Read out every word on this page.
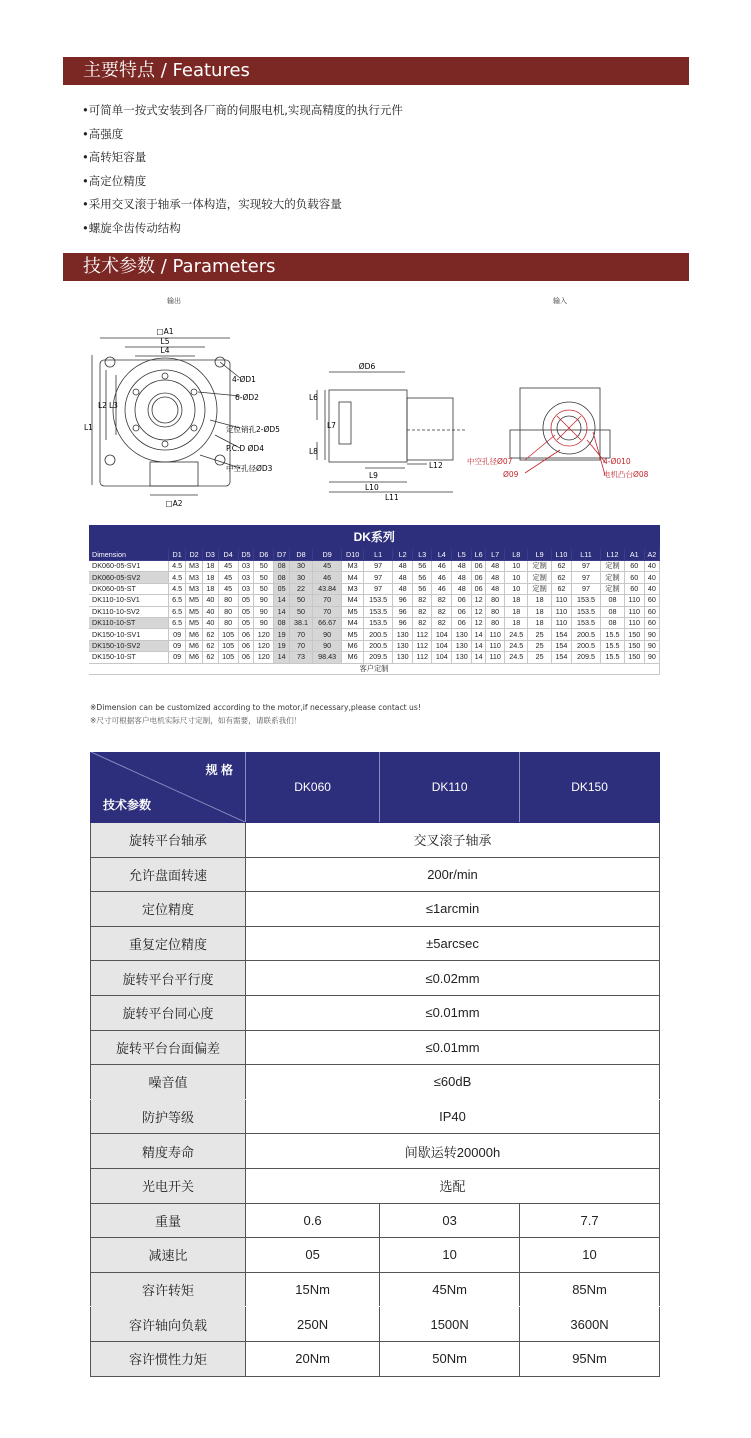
主要特点 / Features
•可简单一按式安装到各厂商的伺服电机,实现高精度的执行元件
•高强度
•高转矩容量
•高定位精度
•采用交叉滚于轴承一体构造，实现较大的负载容量
•螺旋伞齿传动结构
技术参数 / Parameters
输出	输入
□A1
L5
L4
L1
L2 L3
□A2
4-ØD1
6-ØD2
定位销孔2-ØD5
P.C.D ØD4
中空孔径ØD3
ØD6
L6
L7
L8
L9
L10
L11
L12	中空孔径Ø07
Ø09
4-Ø010
电机凸台Ø08
DK系列																								
Dimension	D1	D2	D3	D4	D5	D6	D7	D8	D9	D10	L1	L2	L3	L4	L5	L6	L7	L8	L9	L10	L11	L12	A1	A2
DK060-05-SV1	4.5	M3	18	45	03	50	08	30	45	M3	97	48	56	46	48	06	48	10	定制	62	97	定制	60	40
DK060-05-SV2	4.5	M3	18	45	03	50	08	30	46	M4	97	48	56	46	48	06	48	10	定制	62	97	定制	60	40
DK060-05-ST	4.5	M3	18	45	03	50	05	22	43.84	M3	97	48	56	46	48	06	48	10	定制	62	97	定制	60	40
DK110-10-SV1	6.5	M5	40	80	05	90	14	50	70	M4	153.5	96	82	82	06	12	80	18	18	110	153.5	08	110	60
DK110-10-SV2	6.5	M5	40	80	05	90	14	50	70	M5	153.5	96	82	82	06	12	80	18	18	110	153.5	08	110	60
DK110-10-ST	6.5	M5	40	80	05	90	08	38.1	66.67	M4	153.5	96	82	82	06	12	80	18	18	110	153.5	08	110	60
DK150-10-SV1	09	M6	62	105	06	120	19	70	90	M5	200.5	130	112	104	130	14	110	24.5	25	154	200.5	15.5	150	90
DK150-10-SV2	09	M6	62	105	06	120	19	70	90	M6	200.5	130	112	104	130	14	110	24.5	25	154	200.5	15.5	150	90
DK150-10-ST	09	M6	62	105	06	120	14	73	98.43	M6	209.5	130	112	104	130	14	110	24.5	25	154	209.5	15.5	150	90
客户定制																								
※Dimension can be customized according to the motor,if necessary,please contact us!
※尺寸可根据客户电机实际尺寸定制，如有需要，请联系我们！
规 格
技术参数	DK060	DK110	DK150
旋转平台轴承	交叉滚子轴承		
允许盘面转速	200r/min		
定位精度	≤1arcmin		
重复定位精度	±5arcsec		
旋转平台平行度	≤0.02mm		
旋转平台同心度	≤0.01mm		
旋转平台台面偏差	≤0.01mm		
噪音值	≤60dB		
防护等级	IP40		
精度寿命	间歇运转20000h		
光电开关	选配		
重量	0.6	03	7.7
减速比	05	10	10
容许转矩	15Nm	45Nm	85Nm
容许轴向负载	250N	1500N	3600N
容许惯性力矩	20Nm	50Nm	95Nm
